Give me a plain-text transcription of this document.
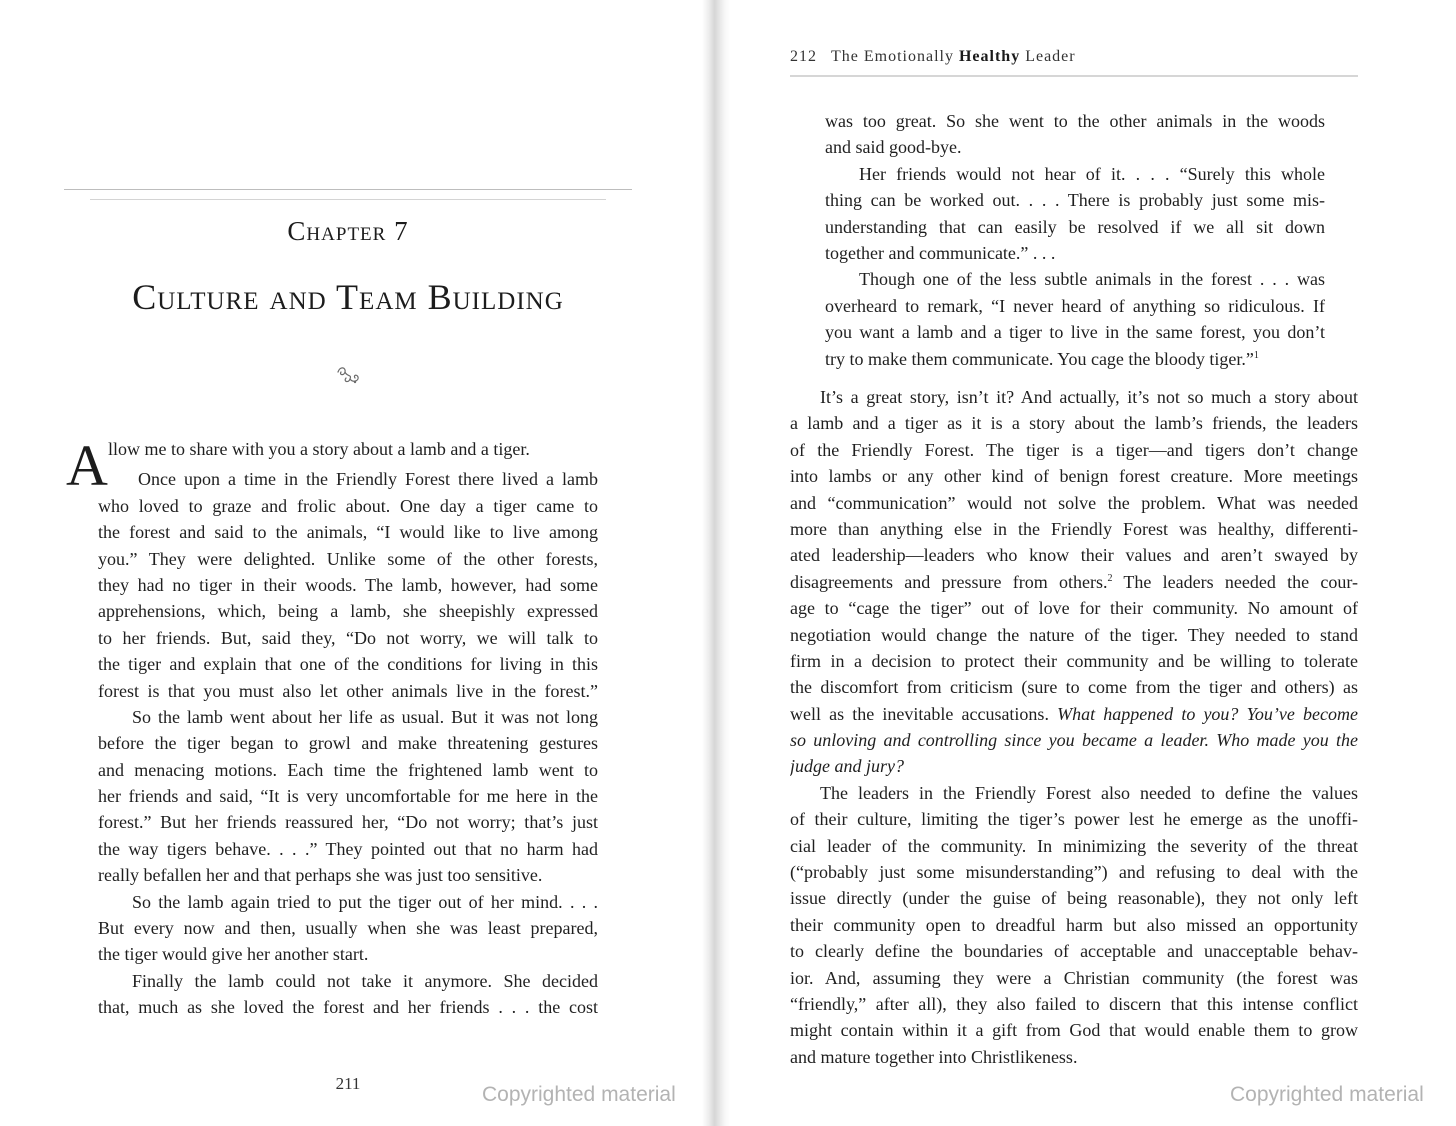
Chapter 7
Culture and Team Building
A llow me to share with you a story about a lamb and a tiger.
Once upon a time in the Friendly Forest there lived a lamb
who loved to graze and frolic about. One day a tiger came to
the forest and said to the animals, “I would like to live among
you.” They were delighted. Unlike some of the other forests,
they had no tiger in their woods. The lamb, however, had some
apprehensions, which, being a lamb, she sheepishly expressed
to her friends. But, said they, “Do not worry, we will talk to
the tiger and explain that one of the conditions for living in this
forest is that you must also let other animals live in the forest.”
So the lamb went about her life as usual. But it was not long
before the tiger began to growl and make threatening gestures
and menacing motions. Each time the frightened lamb went to
her friends and said, “It is very uncomfortable for me here in the
forest.” But her friends reassured her, “Do not worry; that’s just
the way tigers behave. . . .” They pointed out that no harm had
really befallen her and that perhaps she was just too sensitive.
So the lamb again tried to put the tiger out of her mind. . . .
But every now and then, usually when she was least prepared,
the tiger would give her another start.
Finally the lamb could not take it anymore. She decided
that, much as she loved the forest and her friends . . . the cost
211	Copyrighted material
212 The Emotionally Healthy Leader
was too great. So she went to the other animals in the woods
and said good-bye.
Her friends would not hear of it. . . . “Surely this whole
thing can be worked out. . . . There is probably just some mis-
understanding that can easily be resolved if we all sit down
together and communicate.” . . .
Though one of the less subtle animals in the forest . . . was
overheard to remark, “I never heard of anything so ridiculous. If
you want a lamb and a tiger to live in the same forest, you don’t
try to make them communicate. You cage the bloody tiger.”$^1$
It’s a great story, isn’t it? And actually, it’s not so much a story about
a lamb and a tiger as it is a story about the lamb’s friends, the leaders
of the Friendly Forest. The tiger is a tiger—and tigers don’t change
into lambs or any other kind of benign forest creature. More meetings
and “communication” would not solve the problem. What was needed
more than anything else in the Friendly Forest was healthy, differenti-
ated leadership—leaders who know their values and aren’t swayed by
disagreements and pressure from others.$^2$ The leaders needed the cour-
age to “cage the tiger” out of love for their community. No amount of
negotiation would change the nature of the tiger. They needed to stand
firm in a decision to protect their community and be willing to tolerate
the discomfort from criticism (sure to come from the tiger and others) as
well as the inevitable accusations. What happened to you? You’ve become
so unloving and controlling since you became a leader. Who made you the
judge and jury?
The leaders in the Friendly Forest also needed to define the values
of their culture, limiting the tiger’s power lest he emerge as the unoffi-
cial leader of the community. In minimizing the severity of the threat
(“probably just some misunderstanding”) and refusing to deal with the
issue directly (under the guise of being reasonable), they not only left
their community open to dreadful harm but also missed an opportunity
to clearly define the boundaries of acceptable and unacceptable behav-
ior. And, assuming they were a Christian community (the forest was
“friendly,” after all), they also failed to discern that this intense conflict
might contain within it a gift from God that would enable them to grow
and mature together into Christlikeness.
Copyrighted material
